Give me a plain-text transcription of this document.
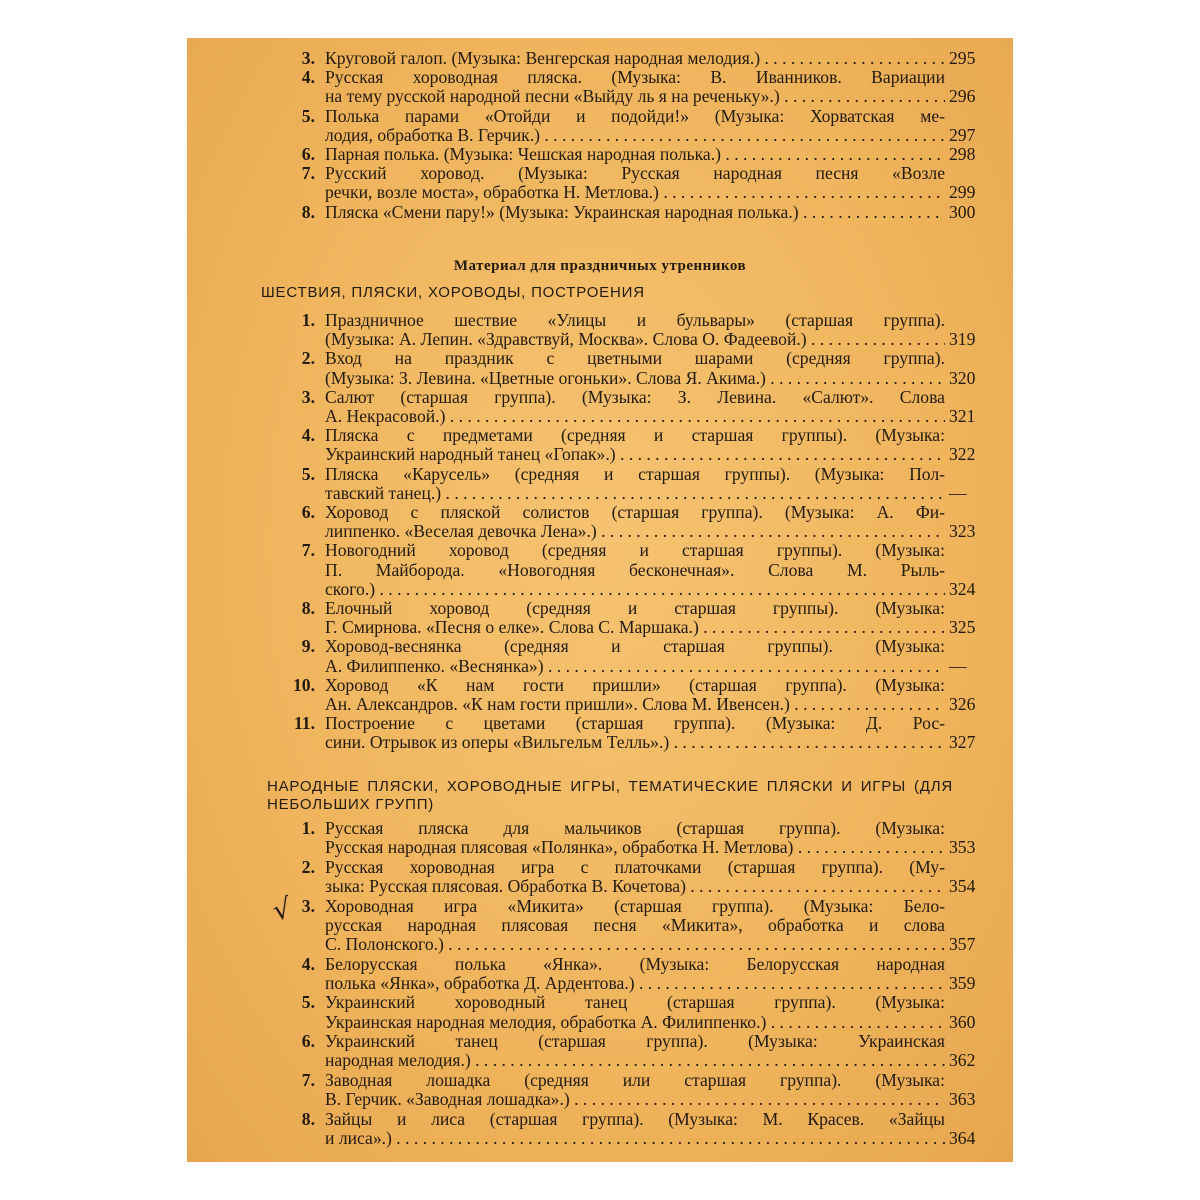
3. Круговой галоп. (Музыка: Венгерская народная мелодия.) . . .	295
4. Русская хороводная пляска. (Музыка: В. Иванников. Вариации
на тему русской народной песни «Выйду ль я на реченьку».) . . .	296
5. Полька парами «Отойди и подойди!» (Музыка: Хорватская ме-
лодия, обработка В. Герчик.) . . .	297
6. Парная полька. (Музыка: Чешская народная полька.) . . .	298
7. Русский хоровод. (Музыка: Русская народная песня «Возле
речки, возле моста», обработка Н. Метлова.) . . .	299
8. Пляска «Смени пару!» (Музыка: Украинская народная полька.) . . .	300
Материал для праздничных утренников
ШЕСТВИЯ, ПЛЯСКИ, ХОРОВОДЫ, ПОСТРОЕНИЯ
1. Праздничное шествие «Улицы и бульвары» (старшая группа).
(Музыка: А. Лепин. «Здравствуй, Москва». Слова О. Фадеевой.) . . .	319
2. Вход на праздник с цветными шарами (средняя группа).
(Музыка: З. Левина. «Цветные огоньки». Слова Я. Акима.) . . .	320
3. Салют (старшая группа). (Музыка: З. Левина. «Салют». Слова
А. Некрасовой.) . . .	321
4. Пляска с предметами (средняя и старшая группы). (Музыка:
Украинский народный танец «Гопак».) . . .	322
5. Пляска «Карусель» (средняя и старшая группы). (Музыка: Пол-
тавский танец.) . . .	—
6. Хоровод с пляской солистов (старшая группа). (Музыка: А. Фи-
липпенко. «Веселая девочка Лена».) . . .	323
7. Новогодний хоровод (средняя и старшая группы). (Музыка:
П. Майборода. «Новогодняя бесконечная». Слова М. Рыль-
ского.) . . .	324
8. Елочный хоровод (средняя и старшая группы). (Музыка:
Г. Смирнова. «Песня о елке». Слова С. Маршака.) . . .	325
9. Хоровод-веснянка (средняя и старшая группы). (Музыка:
А. Филиппенко. «Веснянка») . . .	—
10. Хоровод «К нам гости пришли» (старшая группа). (Музыка:
Ан. Александров. «К нам гости пришли». Слова М. Ивенсен.) . . .	326
11. Построение с цветами (старшая группа). (Музыка: Д. Рос-
сини. Отрывок из оперы «Вильгельм Телль».) . . .	327
НАРОДНЫЕ ПЛЯСКИ, ХОРОВОДНЫЕ ИГРЫ, ТЕМАТИЧЕСКИЕ ПЛЯСКИ И ИГРЫ (ДЛЯ НЕБОЛЬШИХ ГРУПП)
1. Русская пляска для мальчиков (старшая группа). (Музыка:
Русская народная плясовая «Полянка», обработка Н. Метлова) . . .	353
2. Русская хороводная игра с платочками (старшая группа). (Му-
зыка: Русская плясовая. Обработка В. Кочетова) . . .	354
3. Хороводная игра «Микита» (старшая группа). (Музыка: Бело-
русская народная плясовая песня «Микита», обработка и слова
С. Полонского.) . . .	357
4. Белорусская полька «Янка». (Музыка: Белорусская народная
полька «Янка», обработка Д. Ардентова.) . . .	359
5. Украинский хороводный танец (старшая группа). (Музыка:
Украинская народная мелодия, обработка А. Филиппенко.) . . .	360
6. Украинский танец (старшая группа). (Музыка: Украинская
народная мелодия.) . . .	362
7. Заводная лошадка (средняя или старшая группа). (Музыка:
В. Герчик. «Заводная лошадка».) . . .	363
8. Зайцы и лиса (старшая группа). (Музыка: М. Красев. «Зайцы
и лиса».) . . .	364
√
